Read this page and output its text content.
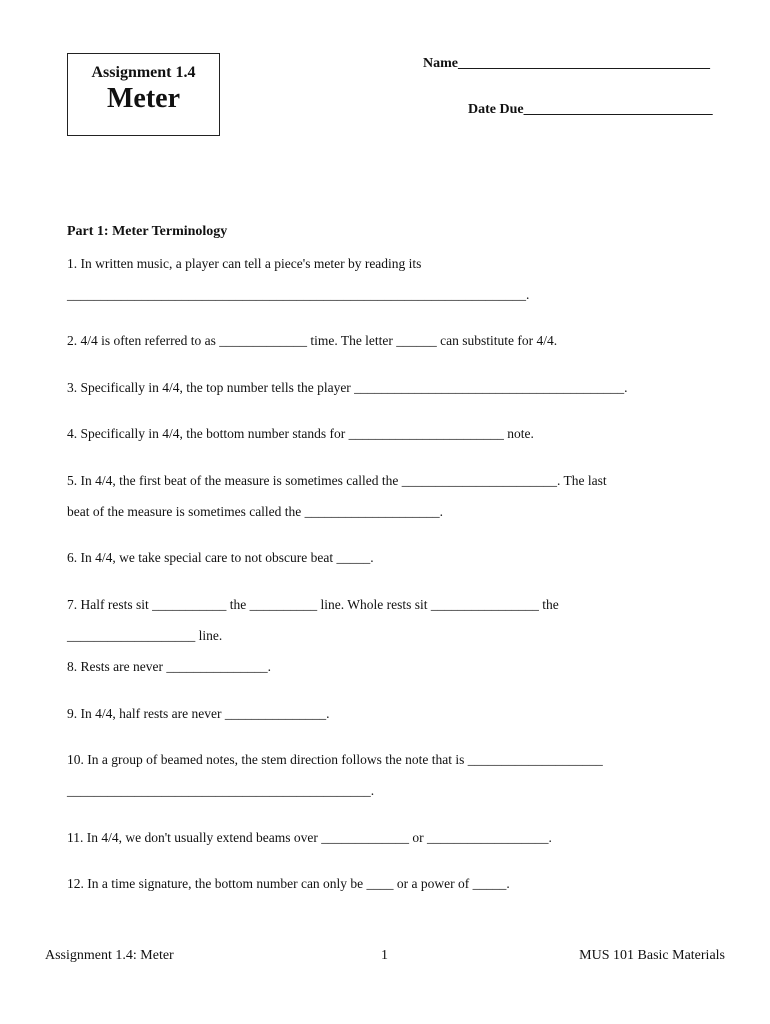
Assignment 1.4
Meter
Name____________________________________
Date Due___________________________
Part 1: Meter Terminology
1. In written music, a player can tell a piece's meter by reading its
____________________________________________________________________.
2. 4/4 is often referred to as _____________ time. The letter ______ can substitute for 4/4.
3. Specifically in 4/4, the top number tells the player ________________________________________.
4. Specifically in 4/4, the bottom number stands for _______________________ note.
5. In 4/4, the first beat of the measure is sometimes called the _______________________. The last
beat of the measure is sometimes called the ____________________.
6. In 4/4, we take special care to not obscure beat _____.
7. Half rests sit ___________ the __________ line. Whole rests sit ________________ the
___________________ line.
8. Rests are never _______________.
9. In 4/4, half rests are never _______________.
10. In a group of beamed notes, the stem direction follows the note that is ____________________
_____________________________________________.
11. In 4/4, we don't usually extend beams over _____________ or __________________.
12. In a time signature, the bottom number can only be ____ or a power of _____.
Assignment 1.4: Meter	1	MUS 101 Basic Materials
